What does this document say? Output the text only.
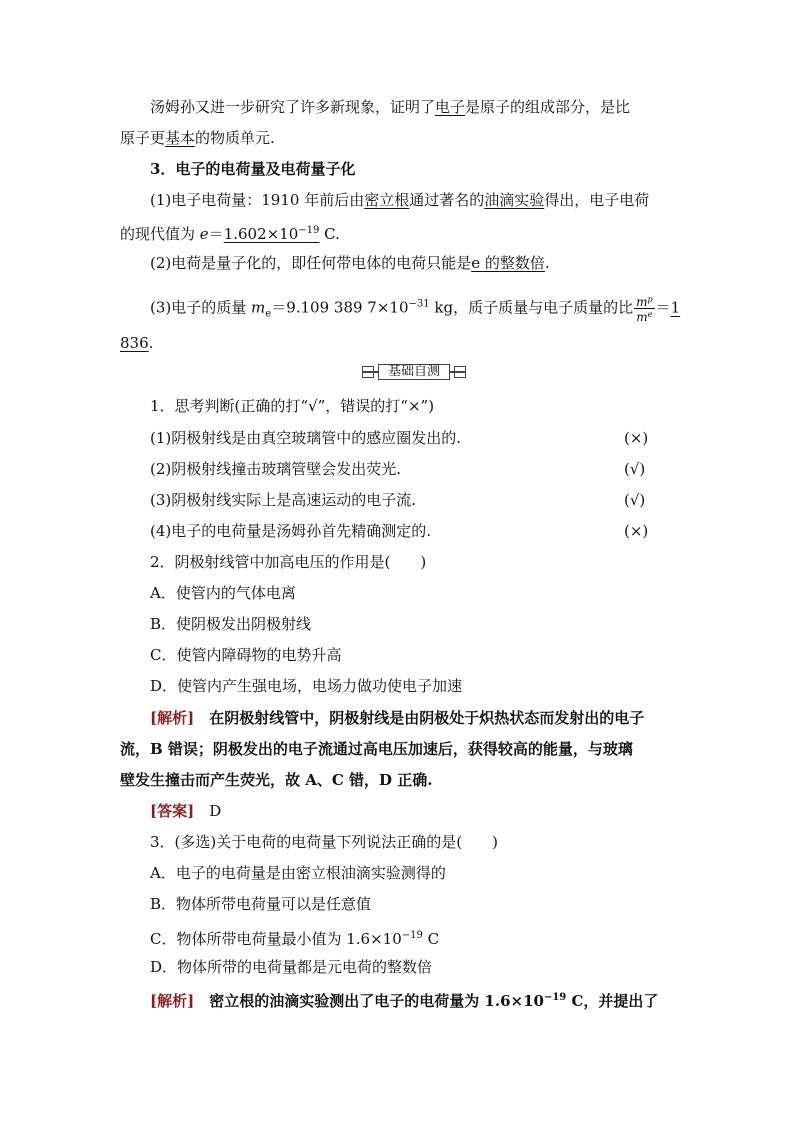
汤姆孙又进一步研究了许多新现象，证明了电子是原子的组成部分，是比
原子更基本的物质单元.
3．电子的电荷量及电荷量子化
(1)电子电荷量：1910 年前后由密立根通过著名的油滴实验得出，电子电荷
的现代值为 $e=1.602\times 10^{-19}$ C.
(2)电荷是量子化的，即任何带电体的电荷只能是e 的整数倍.
(3)电子的质量 $m_e=9.109$ 389 $7\times 10^{-31}$ kg，质子质量与电子质量的比 $\frac{m^p}{m^e} =1$
836.
基础自测
1．思考判断(正确的打“√”，错误的打“×”)
(1)阴极射线是由真空玻璃管中的感应圈发出的.	(×)
(2)阴极射线撞击玻璃管壁会发出荧光.	(√)
(3)阴极射线实际上是高速运动的电子流.	(√)
(4)电子的电荷量是汤姆孙首先精确测定的.	(×)
2．阴极射线管中加高电压的作用是(　　)
A．使管内的气体电离
B．使阴极发出阴极射线
C．使管内障碍物的电势升高
D．使管内产生强电场，电场力做功使电子加速
[解析]　在阴极射线管中，阴极射线是由阴极处于炽热状态而发射出的电子
流，B 错误；阴极发出的电子流通过高电压加速后，获得较高的能量，与玻璃
壁发生撞击而产生荧光，故 A、C 错，D 正确.
[答案]　D
3．(多选)关于电荷的电荷量下列说法正确的是(　　)
A．电子的电荷量是由密立根油滴实验测得的
B．物体所带电荷量可以是任意值
C．物体所带电荷量最小值为 $1.6\times 10^{-19}$ C
D．物体所带的电荷量都是元电荷的整数倍
[解析]　密立根的油滴实验测出了电子的电荷量为 $1.6\times 10^{-19}$ C，并提出了
